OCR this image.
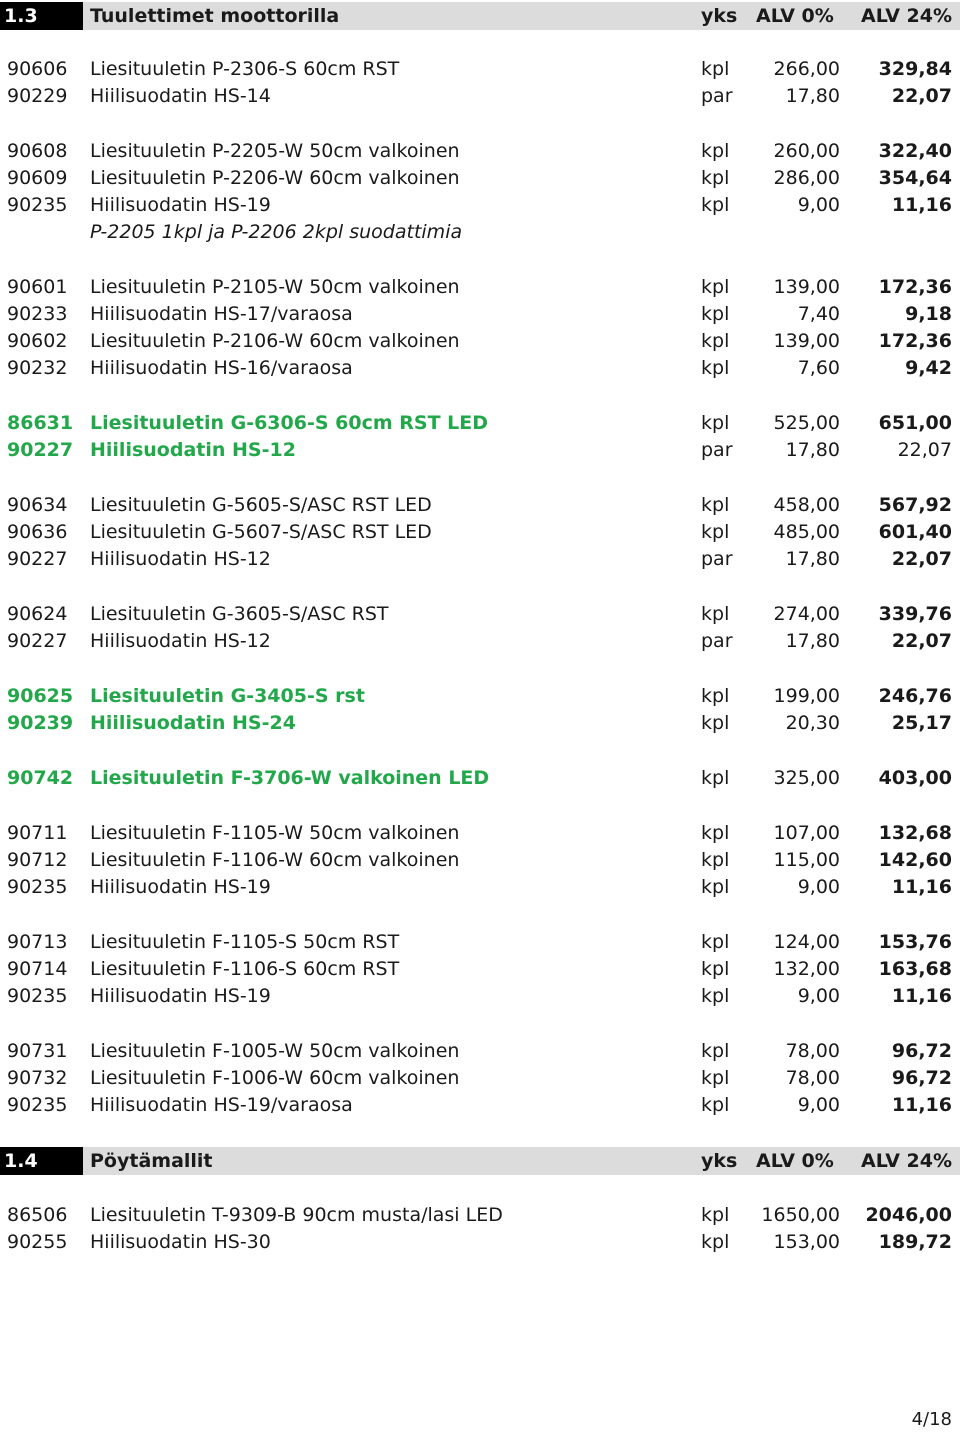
1.3	Tuulettimet moottorilla	yks ALV 0% ALV 24%
90606 Liesituuletin P-2306-S 60cm RST	kpl 266,00 329,84
90229 Hiilisuodatin HS-14	par	17,80	22,07
90608 Liesituuletin P-2205-W 50cm valkoinen	kpl 260,00 322,40
90609 Liesituuletin P-2206-W 60cm valkoinen	kpl 286,00 354,64
90235 Hiilisuodatin HS-19	kpl	9,00	11,16
P-2205 1kpl ja P-2206 2kpl suodattimia
90601 Liesituuletin P-2105-W 50cm valkoinen	kpl 139,00 172,36
90233 Hiilisuodatin HS-17/varaosa	kpl	7,40	9,18
90602 Liesituuletin P-2106-W 60cm valkoinen	kpl 139,00 172,36
90232 Hiilisuodatin HS-16/varaosa	kpl	7,60	9,42
86631 Liesituuletin G-6306-S 60cm RST LED	kpl 525,00 651,00
90227 Hiilisuodatin HS-12	par	17,80	22,07
90634 Liesituuletin G-5605-S/ASC RST LED	kpl 458,00 567,92
90636 Liesituuletin G-5607-S/ASC RST LED	kpl 485,00 601,40
90227 Hiilisuodatin HS-12	par	17,80	22,07
90624 Liesituuletin G-3605-S/ASC RST	kpl 274,00 339,76
90227 Hiilisuodatin HS-12	par	17,80	22,07
90625 Liesituuletin G-3405-S rst	kpl 199,00 246,76
90239 Hiilisuodatin HS-24	kpl	20,30	25,17
90742 Liesituuletin F-3706-W valkoinen LED	kpl 325,00 403,00
90711 Liesituuletin F-1105-W 50cm valkoinen	kpl 107,00 132,68
90712 Liesituuletin F-1106-W 60cm valkoinen	kpl 115,00 142,60
90235 Hiilisuodatin HS-19	kpl	9,00	11,16
90713 Liesituuletin F-1105-S 50cm RST	kpl 124,00 153,76
90714 Liesituuletin F-1106-S 60cm RST	kpl 132,00 163,68
90235 Hiilisuodatin HS-19	kpl	9,00	11,16
90731 Liesituuletin F-1005-W 50cm valkoinen	kpl	78,00	96,72
90732 Liesituuletin F-1006-W 60cm valkoinen	kpl	78,00	96,72
90235 Hiilisuodatin HS-19/varaosa	kpl	9,00	11,16
1.4	Pöytämallit	yks ALV 0% ALV 24%
86506 Liesituuletin T-9309-B 90cm musta/lasi LED	kpl 1650,00 2046,00
90255 Hiilisuodatin HS-30	kpl 153,00 189,72
4/18
